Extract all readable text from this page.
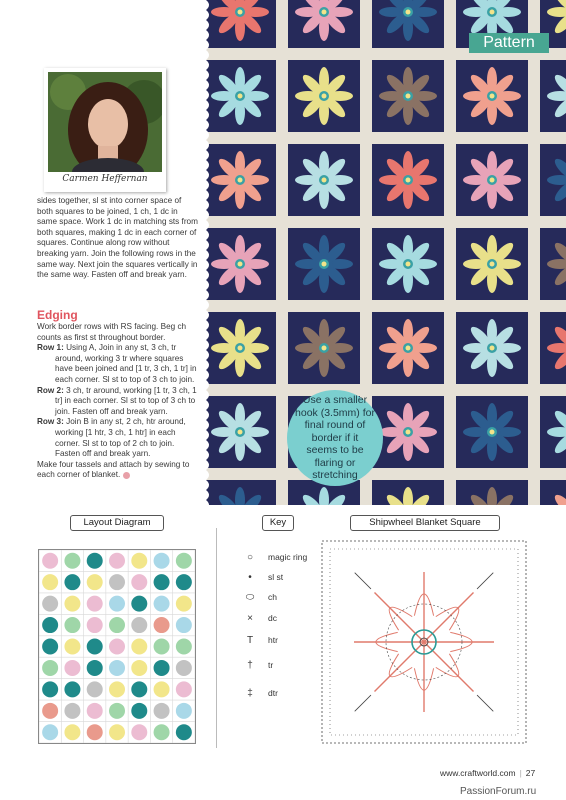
Pattern
Carmen Heffernan

sides together, sl st into corner space of both squares to be joined, 1 ch, 1 dc in same space. Work 1 dc in matching sts from both squares, making 1 dc in each corner of squares. Continue along row without breaking yarn. Join the following rows in the same way. Next join the squares vertically in the same way. Fasten off and break yarn.

Edging

Work border rows with RS facing. Beg ch counts as first st throughout border.

Row 1: Using A, Join in any st, 3 ch, tr around, working 3 tr where squares have been joined and [1 tr, 3 ch, 1 tr] in each corner. Sl st to top of 3 ch to join.

Row 2: 3 ch, tr around, working [1 tr, 3 ch, 1 tr] in each corner. Sl st to top of 3 ch to join. Fasten off and break yarn.

Row 3: Join B in any st, 2 ch, htr around, working [1 htr, 3 ch, 1 htr] in each corner. Sl st to top of 2 ch to join. Fasten off and break yarn.

Make four tassels and attach by sewing to each corner of blanket.

Use a smaller hook (3.5mm) for final round of border if it seems to be flaring or stretching
Layout Diagram	Key	Shipwheel Blanket Square
○	magic ring
•	sl st
⬭	ch
×	dc
T	htr
†	tr
‡	dtr
www.craftworld.com | 27
PassionForum.ru
